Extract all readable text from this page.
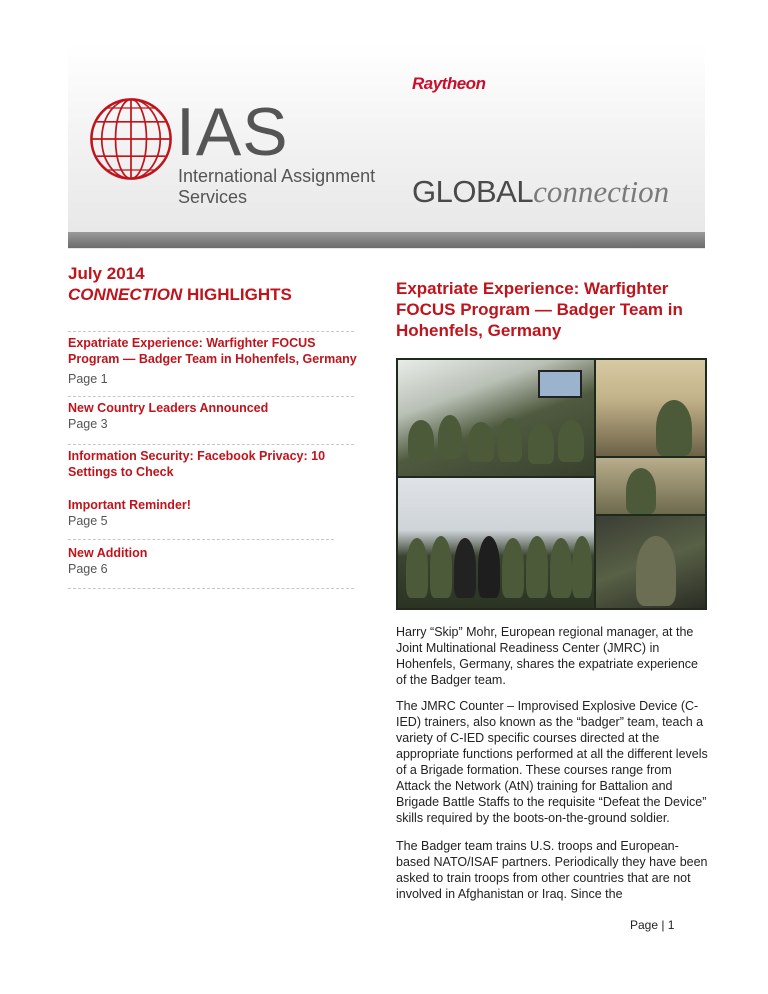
IAS
International Assignment Services
Raytheon
GLOBALconnection
July 2014
CONNECTION HIGHLIGHTS
Expatriate Experience: Warfighter FOCUS Program — Badger Team in Hohenfels, Germany
Page 1
New Country Leaders Announced
Page 3
Information Security: Facebook Privacy: 10 Settings to Check
Important Reminder!
Page 5
New Addition
Page 6
Expatriate Experience: Warfighter FOCUS Program — Badger Team in Hohenfels, Germany
Harry “Skip” Mohr, European regional manager, at the Joint Multinational Readiness Center (JMRC) in Hohenfels, Germany, shares the expatriate experience of the Badger team.
The JMRC Counter – Improvised Explosive Device (C-IED) trainers, also known as the “badger” team, teach a variety of C-IED specific courses directed at the appropriate functions performed at all the different levels of a Brigade formation. These courses range from Attack the Network (AtN) training for Battalion and Brigade Battle Staffs to the requisite “Defeat the Device” skills required by the boots-on-the-ground soldier.
The Badger team trains U.S. troops and European-based NATO/ISAF partners. Periodically they have been asked to train troops from other countries that are not involved in Afghanistan or Iraq. Since the
Page | 1
